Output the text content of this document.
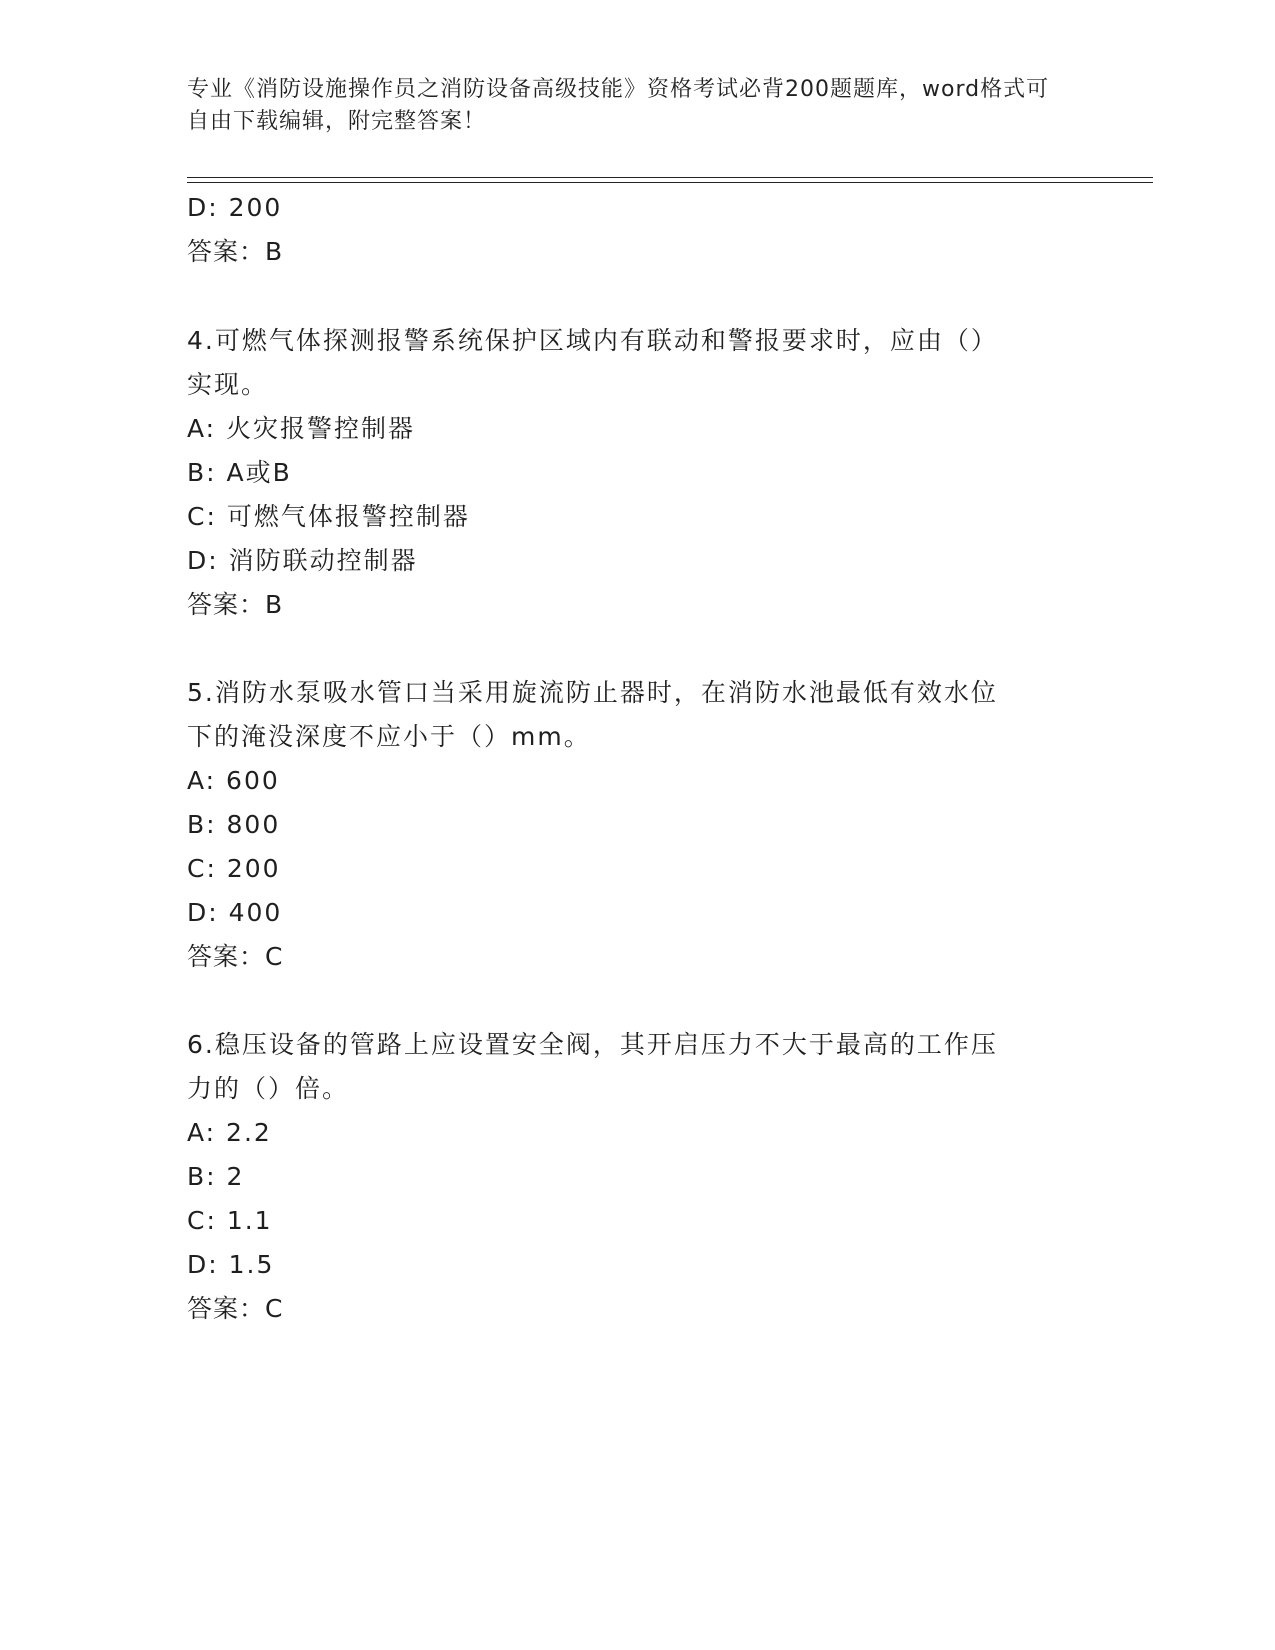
专业《消防设施操作员之消防设备高级技能》资格考试必背200题题库，word格式可自由下载编辑，附完整答案！
D: 200
答案：B
4.可燃气体探测报警系统保护区域内有联动和警报要求时，应由（）
实现。
A: 火灾报警控制器
B: A或B
C: 可燃气体报警控制器
D: 消防联动控制器
答案：B
5.消防水泵吸水管口当采用旋流防止器时，在消防水池最低有效水位
下的淹没深度不应小于（）mm。
A: 600
B: 800
C: 200
D: 400
答案：C
6.稳压设备的管路上应设置安全阀，其开启压力不大于最高的工作压
力的（）倍。
A: 2.2
B: 2
C: 1.1
D: 1.5
答案：C
